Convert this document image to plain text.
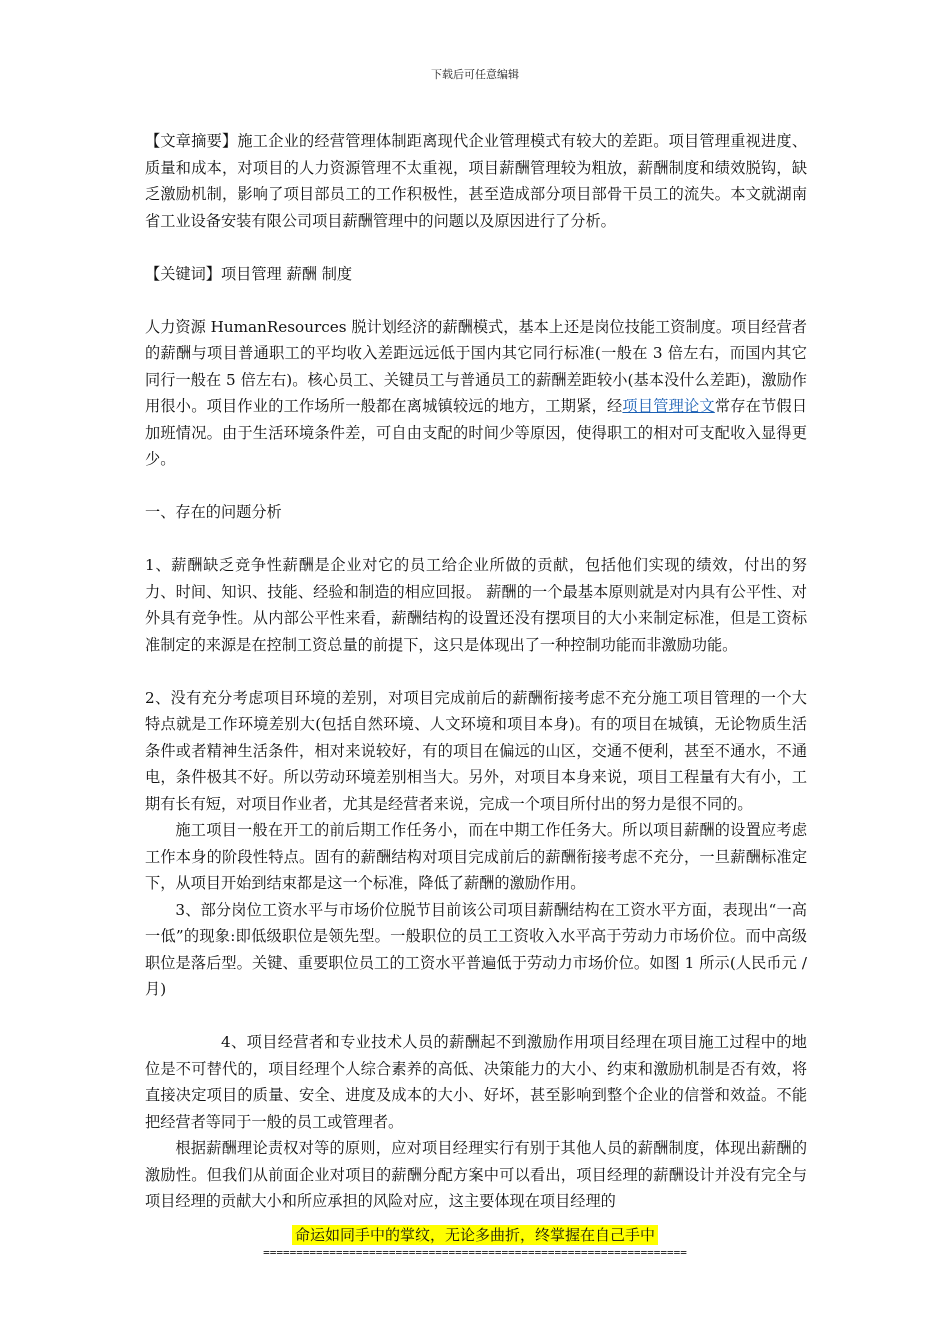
下载后可任意编辑

【文章摘要】施工企业的经营管理体制距离现代企业管理模式有较大的差距。项目管理重视进度、质量和成本，对项目的人力资源管理不太重视，项目薪酬管理较为粗放，薪酬制度和绩效脱钩，缺乏激励机制，影响了项目部员工的工作积极性，甚至造成部分项目部骨干员工的流失。本文就湖南省工业设备安装有限公司项目薪酬管理中的问题以及原因进行了分析。

【关键词】项目管理 薪酬 制度

人力资源 HumanResources 脱计划经济的薪酬模式，基本上还是岗位技能工资制度。项目经营者的薪酬与项目普通职工的平均收入差距远远低于国内其它同行标准(一般在 3 倍左右，而国内其它同行一般在 5 倍左右)。核心员工、关键员工与普通员工的薪酬差距较小(基本没什么差距)，激励作用很小。项目作业的工作场所一般都在离城镇较远的地方，工期紧，经项目管理论文常存在节假日加班情况。由于生活环境条件差，可自由支配的时间少等原因，使得职工的相对可支配收入显得更少。

一、存在的问题分析

1、薪酬缺乏竞争性薪酬是企业对它的员工给企业所做的贡献，包括他们实现的绩效，付出的努力、时间、知识、技能、经验和制造的相应回报。 薪酬的一个最基本原则就是对内具有公平性、对外具有竞争性。从内部公平性来看，薪酬结构的设置还没有摆项目的大小来制定标准，但是工资标准制定的来源是在控制工资总量的前提下，这只是体现出了一种控制功能而非激励功能。

2、没有充分考虑项目环境的差别，对项目完成前后的薪酬衔接考虑不充分施工项目管理的一个大特点就是工作环境差别大(包括自然环境、人文环境和项目本身)。有的项目在城镇，无论物质生活条件或者精神生活条件，相对来说较好，有的项目在偏远的山区，交通不便利，甚至不通水，不通电，条件极其不好。所以劳动环境差别相当大。另外，对项目本身来说，项目工程量有大有小，工期有长有短，对项目作业者，尤其是经营者来说，完成一个项目所付出的努力是很不同的。

施工项目一般在开工的前后期工作任务小，而在中期工作任务大。所以项目薪酬的设置应考虑工作本身的阶段性特点。固有的薪酬结构对项目完成前后的薪酬衔接考虑不充分，一旦薪酬标准定下，从项目开始到结束都是这一个标准，降低了薪酬的激励作用。

3、部分岗位工资水平与市场价位脱节目前该公司项目薪酬结构在工资水平方面，表现出“一高一低”的现象:即低级职位是领先型。一般职位的员工工资收入水平高于劳动力市场价位。而中高级职位是落后型。关键、重要职位员工的工资水平普遍低于劳动力市场价位。如图 1 所示(人民币元 /月)

4、项目经营者和专业技术人员的薪酬起不到激励作用项目经理在项目施工过程中的地位是不可替代的，项目经理个人综合素养的高低、决策能力的大小、约束和激励机制是否有效，将直接决定项目的质量、安全、进度及成本的大小、好坏，甚至影响到整个企业的信誉和效益。不能把经营者等同于一般的员工或管理者。

根据薪酬理论责权对等的原则，应对项目经理实行有别于其他人员的薪酬制度，体现出薪酬的激励性。但我们从前面企业对项目的薪酬分配方案中可以看出，项目经理的薪酬设计并没有完全与项目经理的贡献大小和所应承担的风险对应，这主要体现在项目经理的

命运如同手中的掌纹，无论多曲折，终掌握在自己手中
================================================================
